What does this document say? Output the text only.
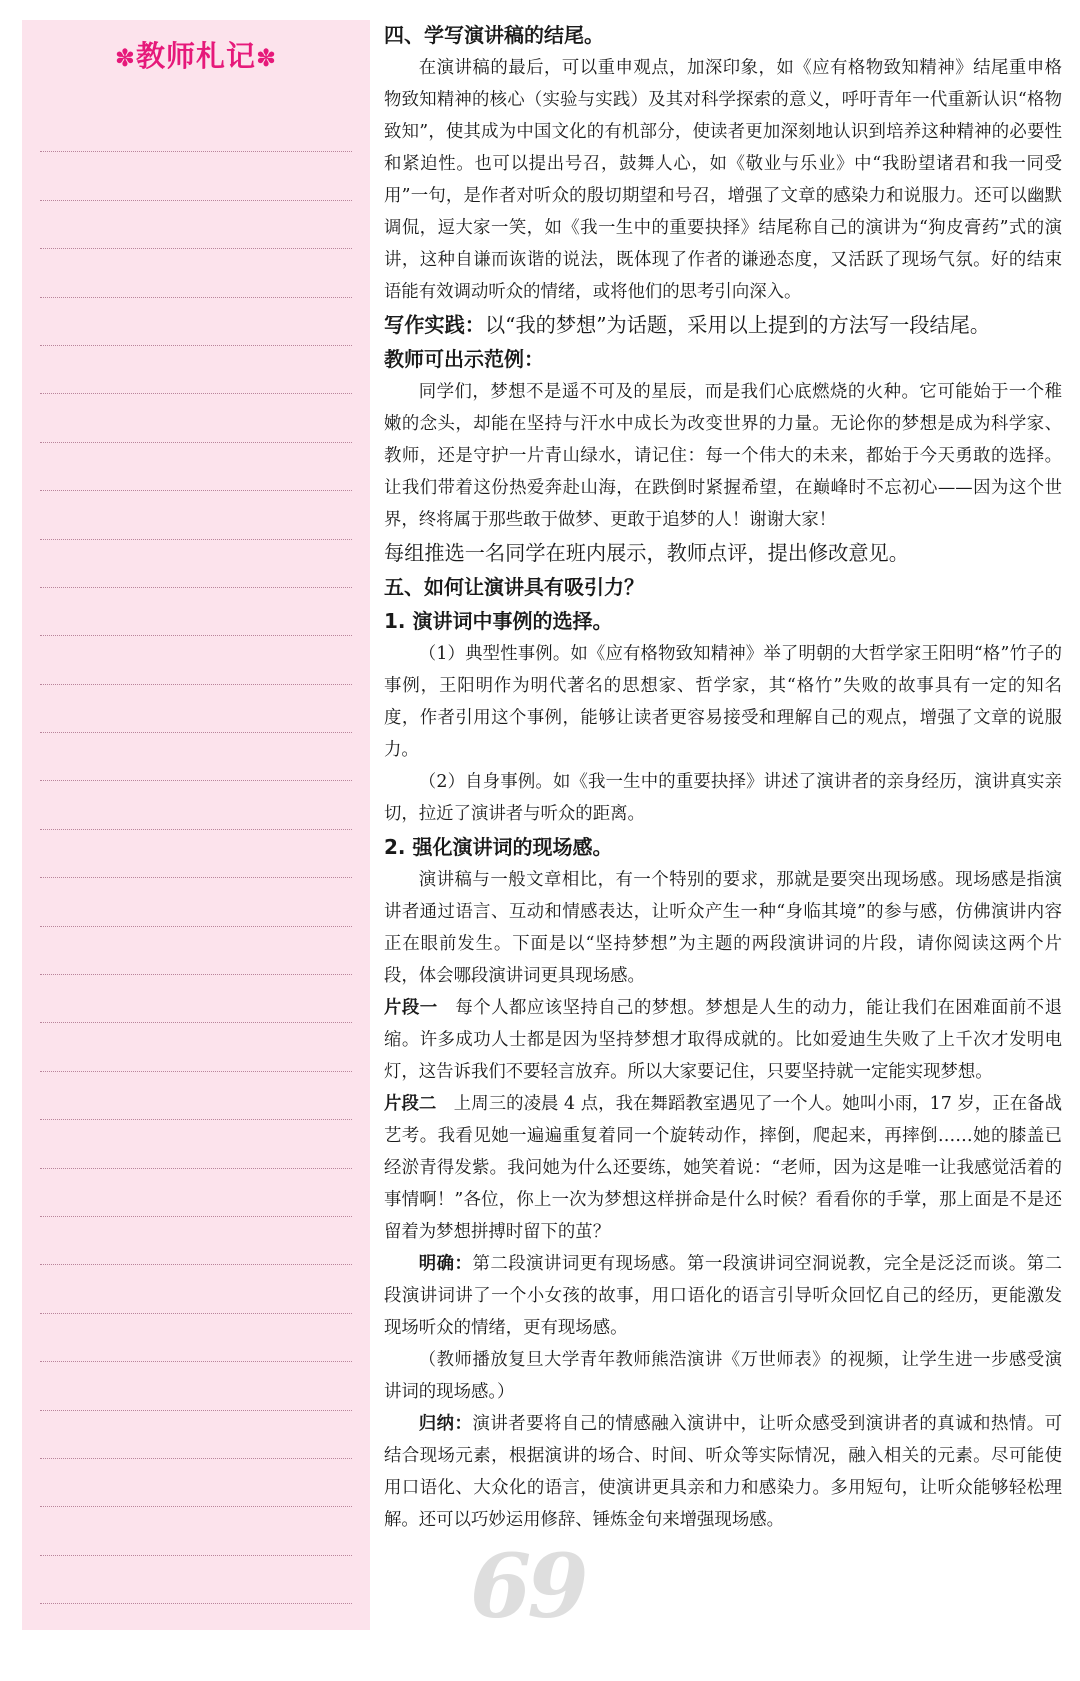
✽教师札记✽
69

四、学写演讲稿的结尾。

在演讲稿的最后，可以重申观点，加深印象，如《应有格物致知精神》结尾重申格物致知精神的核心（实验与实践）及其对科学探索的意义，呼吁青年一代重新认识“格物致知”，使其成为中国文化的有机部分，使读者更加深刻地认识到培养这种精神的必要性和紧迫性。也可以提出号召，鼓舞人心，如《敬业与乐业》中“我盼望诸君和我一同受用”一句，是作者对听众的殷切期望和号召，增强了文章的感染力和说服力。还可以幽默调侃，逗大家一笑，如《我一生中的重要抉择》结尾称自己的演讲为“狗皮膏药”式的演讲，这种自谦而诙谐的说法，既体现了作者的谦逊态度，又活跃了现场气氛。好的结束语能有效调动听众的情绪，或将他们的思考引向深入。

写作实践：以“我的梦想”为话题，采用以上提到的方法写一段结尾。

教师可出示范例：

同学们，梦想不是遥不可及的星辰，而是我们心底燃烧的火种。它可能始于一个稚嫩的念头，却能在坚持与汗水中成长为改变世界的力量。无论你的梦想是成为科学家、教师，还是守护一片青山绿水，请记住：每一个伟大的未来，都始于今天勇敢的选择。让我们带着这份热爱奔赴山海，在跌倒时紧握希望，在巅峰时不忘初心——因为这个世界，终将属于那些敢于做梦、更敢于追梦的人！谢谢大家！

每组推选一名同学在班内展示，教师点评，提出修改意见。

五、如何让演讲具有吸引力？

1. 演讲词中事例的选择。

（1）典型性事例。如《应有格物致知精神》举了明朝的大哲学家王阳明“格”竹子的事例，王阳明作为明代著名的思想家、哲学家，其“格竹”失败的故事具有一定的知名度，作者引用这个事例，能够让读者更容易接受和理解自己的观点，增强了文章的说服力。

（2）自身事例。如《我一生中的重要抉择》讲述了演讲者的亲身经历，演讲真实亲切，拉近了演讲者与听众的距离。

2. 强化演讲词的现场感。

演讲稿与一般文章相比，有一个特别的要求，那就是要突出现场感。现场感是指演讲者通过语言、互动和情感表达，让听众产生一种“身临其境”的参与感，仿佛演讲内容正在眼前发生。下面是以“坚持梦想”为主题的两段演讲词的片段，请你阅读这两个片段，体会哪段演讲词更具现场感。

片段一　 每个人都应该坚持自己的梦想。梦想是人生的动力，能让我们在困难面前不退缩。许多成功人士都是因为坚持梦想才取得成就的。比如爱迪生失败了上千次才发明电灯，这告诉我们不要轻言放弃。所以大家要记住，只要坚持就一定能实现梦想。

片段二　 上周三的凌晨 4 点，我在舞蹈教室遇见了一个人。她叫小雨，17 岁，正在备战艺考。我看见她一遍遍重复着同一个旋转动作，摔倒，爬起来，再摔倒……她的膝盖已经淤青得发紫。我问她为什么还要练，她笑着说：“老师，因为这是唯一让我感觉活着的事情啊！”各位，你上一次为梦想这样拼命是什么时候？看看你的手掌，那上面是不是还留着为梦想拼搏时留下的茧？

明确：第二段演讲词更有现场感。第一段演讲词空洞说教，完全是泛泛而谈。第二段演讲词讲了一个小女孩的故事，用口语化的语言引导听众回忆自己的经历，更能激发现场听众的情绪，更有现场感。

（教师播放复旦大学青年教师熊浩演讲《万世师表》的视频，让学生进一步感受演讲词的现场感。）

归纳：演讲者要将自己的情感融入演讲中，让听众感受到演讲者的真诚和热情。可结合现场元素，根据演讲的场合、时间、听众等实际情况，融入相关的元素。尽可能使用口语化、大众化的语言，使演讲更具亲和力和感染力。多用短句，让听众能够轻松理解。还可以巧妙运用修辞、锤炼金句来增强现场感。
